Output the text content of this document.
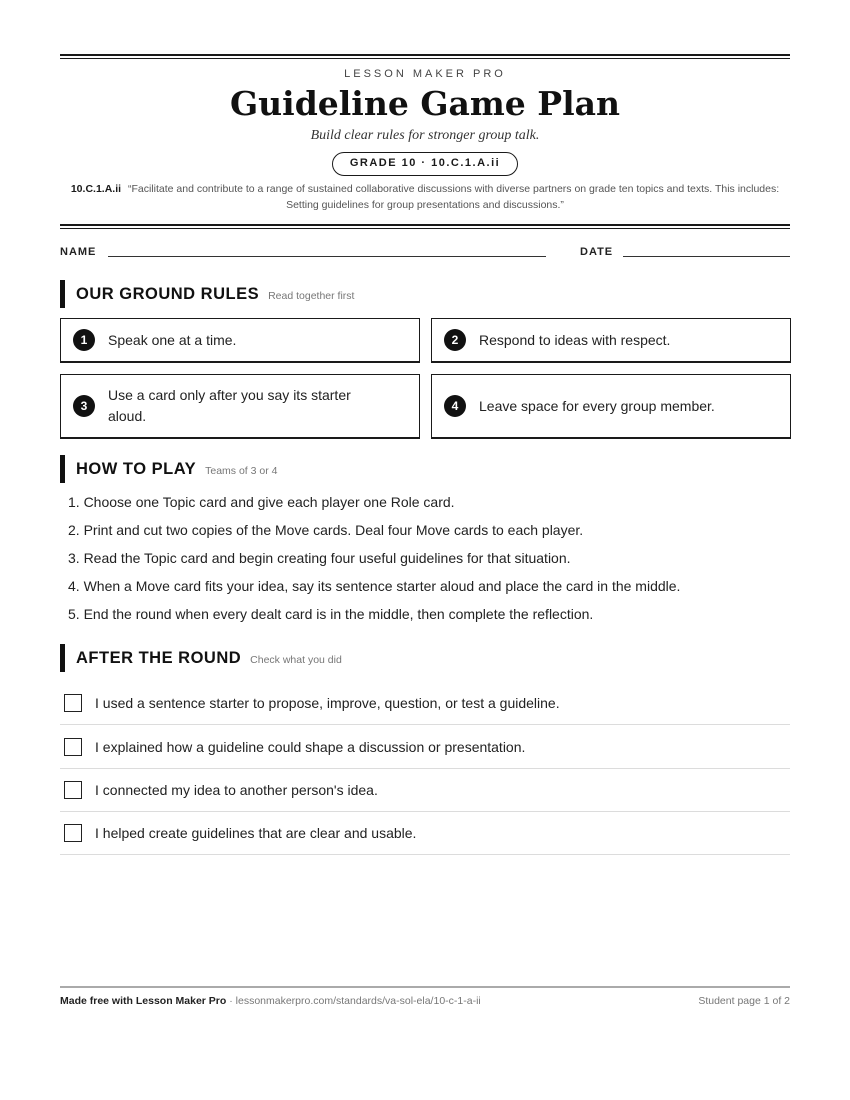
LESSON MAKER PRO
Guideline Game Plan
Build clear rules for stronger group talk.
GRADE 10 · 10.C.1.A.ii
10.C.1.A.ii “Facilitate and contribute to a range of sustained collaborative discussions with diverse partners on grade ten topics and texts. This includes: Setting guidelines for group presentations and discussions.”
NAME	DATE
OUR GROUND RULES Read together first
1	Speak one at a time.	2	Respond to ideas with respect.
3
Use a card only after you say its starter aloud.
4	Leave space for every group member.
HOW TO PLAY Teams of 3 or 4
1. Choose one Topic card and give each player one Role card.
2. Print and cut two copies of the Move cards. Deal four Move cards to each player.
3. Read the Topic card and begin creating four useful guidelines for that situation.
4. When a Move card fits your idea, say its sentence starter aloud and place the card in the middle.
5. End the round when every dealt card is in the middle, then complete the reflection.
AFTER THE ROUND Check what you did
I used a sentence starter to propose, improve, question, or test a guideline.
I explained how a guideline could shape a discussion or presentation.
I connected my idea to another person's idea.
I helped create guidelines that are clear and usable.
Made free with Lesson Maker Pro · lessonmakerpro.com/standards/va-sol-ela/10-c-1-a-ii	Student page 1 of 2
